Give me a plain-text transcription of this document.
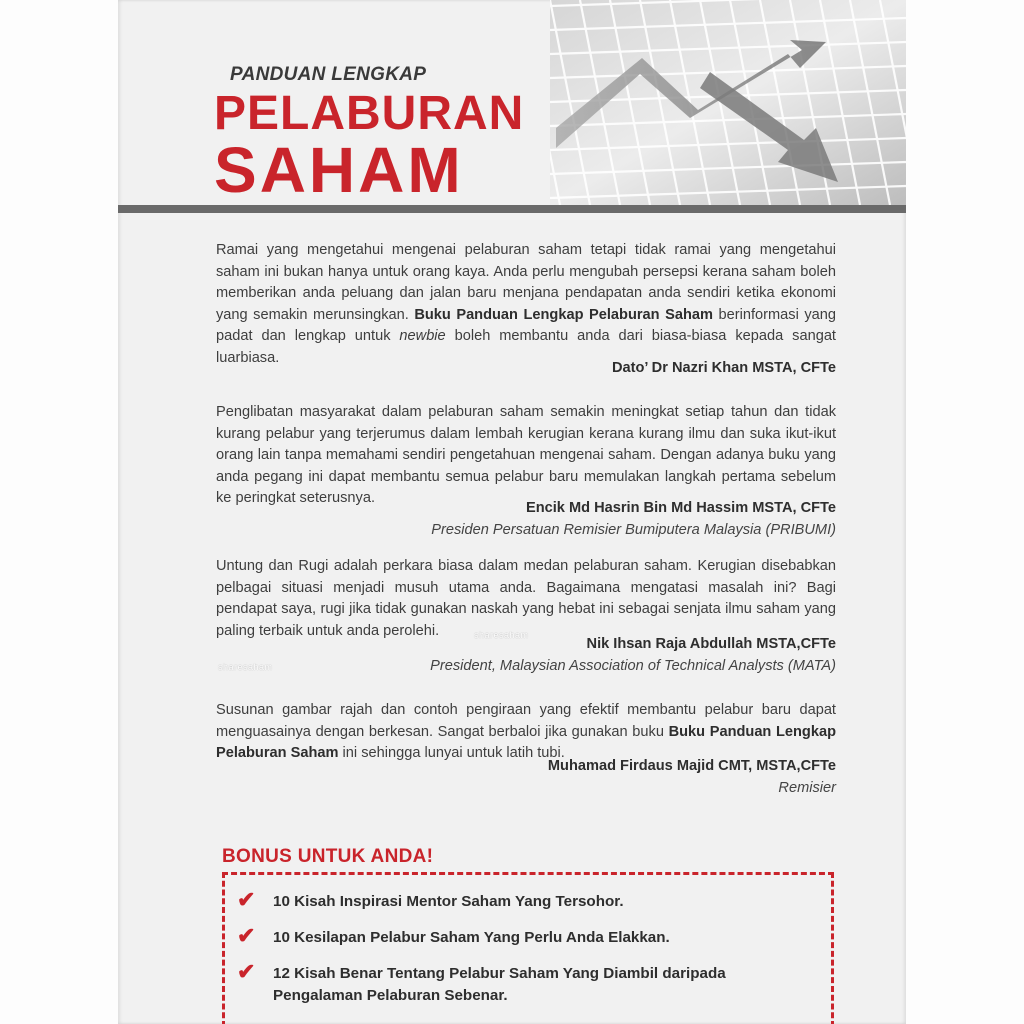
PANDUAN LENGKAP
PELABURAN
SAHAM
Ramai yang mengetahui mengenai pelaburan saham tetapi tidak ramai yang mengetahui saham ini bukan hanya untuk orang kaya. Anda perlu mengubah persepsi kerana saham boleh memberikan anda peluang dan jalan baru menjana pendapatan anda sendiri ketika ekonomi yang semakin merunsingkan. Buku Panduan Lengkap Pelaburan Saham berinformasi yang padat dan lengkap untuk newbie boleh membantu anda dari biasa-biasa kepada sangat luarbiasa.
Dato’ Dr Nazri Khan MSTA, CFTe
Penglibatan masyarakat dalam pelaburan saham semakin meningkat setiap tahun dan tidak kurang pelabur yang terjerumus dalam lembah kerugian kerana kurang ilmu dan suka ikut-ikut orang lain tanpa memahami sendiri pengetahuan mengenai saham. Dengan adanya buku yang anda pegang ini dapat membantu semua pelabur baru memulakan langkah pertama sebelum ke peringkat seterusnya.
Encik Md Hasrin Bin Md Hassim MSTA, CFTe
Presiden Persatuan Remisier Bumiputera Malaysia (PRIBUMI)
Untung dan Rugi adalah perkara biasa dalam medan pelaburan saham. Kerugian disebabkan pelbagai situasi menjadi musuh utama anda. Bagaimana mengatasi masalah ini? Bagi pendapat saya, rugi jika tidak gunakan naskah yang hebat ini sebagai senjata ilmu saham yang paling terbaik untuk anda perolehi.
Nik Ihsan Raja Abdullah MSTA,CFTe
President, Malaysian Association of Technical Analysts (MATA)
sharesaham
sharesaham
Susunan gambar rajah dan contoh pengiraan yang efektif membantu pelabur baru dapat menguasainya dengan berkesan. Sangat berbaloi jika gunakan buku Buku Panduan Lengkap Pelaburan Saham ini sehingga lunyai untuk latih tubi.
Muhamad Firdaus Majid CMT, MSTA,CFTe
Remisier
BONUS UNTUK ANDA!
✔	10 Kisah Inspirasi Mentor Saham Yang Tersohor.
✔	10 Kesilapan Pelabur Saham Yang Perlu Anda Elakkan.
✔	12 Kisah Benar Tentang Pelabur Saham Yang Diambil daripada Pengalaman Pelaburan Sebenar.
